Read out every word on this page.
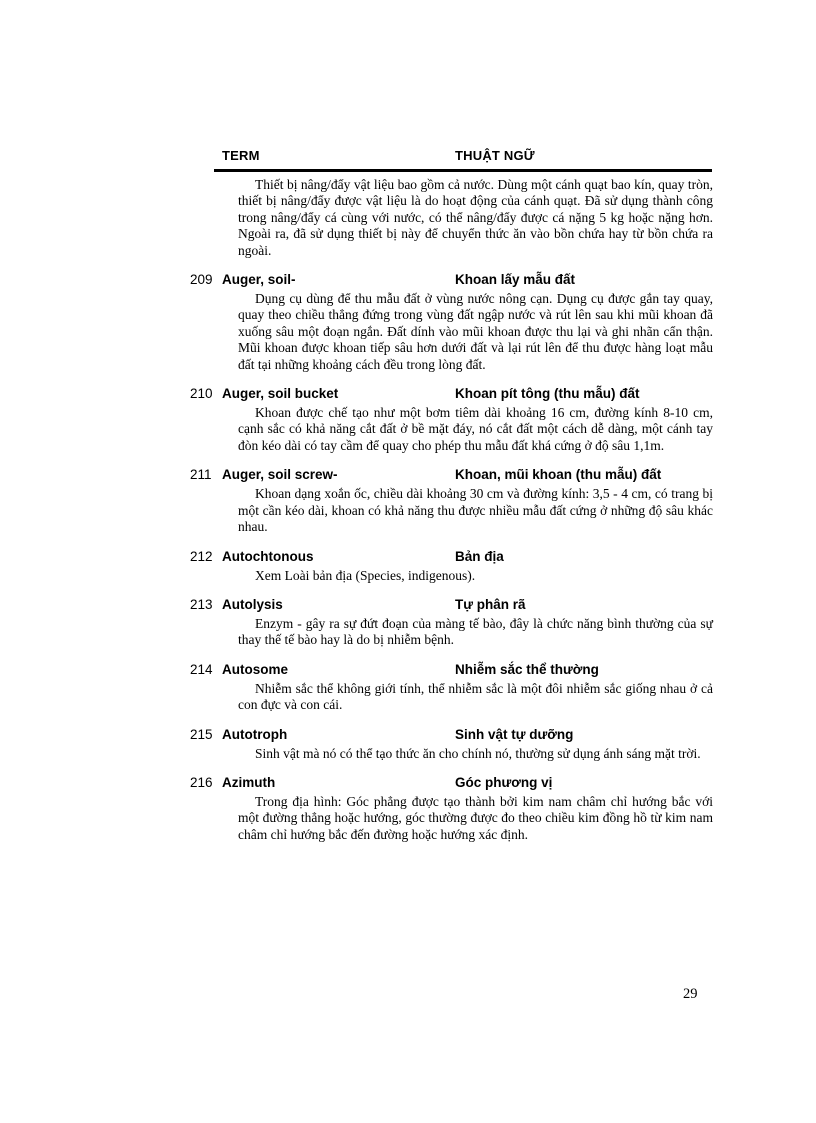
TERM	THUẬT NGỮ

Thiết bị nâng/đẩy vật liệu bao gồm cả nước. Dùng một cánh quạt bao kín, quay tròn, thiết bị nâng/đẩy được vật liệu là do hoạt động của cánh quạt. Đã sử dụng thành công trong nâng/đẩy cá cùng với nước, có thể nâng/đẩy được cá nặng 5 kg hoặc nặng hơn. Ngoài ra, đã sử dụng thiết bị này để chuyển thức ăn vào bồn chứa hay từ bồn chứa ra ngoài.

209 Auger, soil-	Khoan lấy mẫu đất

Dụng cụ dùng để thu mẫu đất ở vùng nước nông cạn. Dụng cụ được gắn tay quay, quay theo chiều thẳng đứng trong vùng đất ngập nước và rút lên sau khi mũi khoan đã xuống sâu một đoạn ngắn. Đất dính vào mũi khoan được thu lại và ghi nhãn cẩn thận. Mũi khoan được khoan tiếp sâu hơn dưới đất và lại rút lên để thu được hàng loạt mẫu đất tại những khoảng cách đều trong lòng đất.

210 Auger, soil bucket	Khoan pít tông (thu mẫu) đất

Khoan được chế tạo như một bơm tiêm dài khoảng 16 cm, đường kính 8-10 cm, cạnh sắc có khả năng cắt đất ở bề mặt đáy, nó cắt đất một cách dễ dàng, một cánh tay đòn kéo dài có tay cầm để quay cho phép thu mẫu đất khá cứng ở độ sâu 1,1m.

211 Auger, soil screw-	Khoan, mũi khoan (thu mẫu) đất

Khoan dạng xoắn ốc, chiều dài khoảng 30 cm và đường kính: 3,5 - 4 cm, có trang bị một cần kéo dài, khoan có khả năng thu được nhiều mẫu đất cứng ở những độ sâu khác nhau.

212 Autochtonous	Bản địa

Xem Loài bản địa (Species, indigenous).

213 Autolysis	Tự phân rã

Enzym - gây ra sự đứt đoạn của màng tế bào, đây là chức năng bình thường của sự thay thế tế bào hay là do bị nhiễm bệnh.

214 Autosome	Nhiễm sắc thể thường

Nhiễm sắc thể không giới tính, thể nhiễm sắc là một đôi nhiễm sắc giống nhau ở cả con đực và con cái.

215 Autotroph	Sinh vật tự dưỡng

Sinh vật mà nó có thể tạo thức ăn cho chính nó, thường sử dụng ánh sáng mặt trời.

216 Azimuth	Góc phương vị

Trong địa hình: Góc phẳng được tạo thành bởi kim nam châm chỉ hướng bắc với một đường thẳng hoặc hướng, góc thường được đo theo chiều kim đồng hồ từ kim nam châm chỉ hướng bắc đến đường hoặc hướng xác định.

29
